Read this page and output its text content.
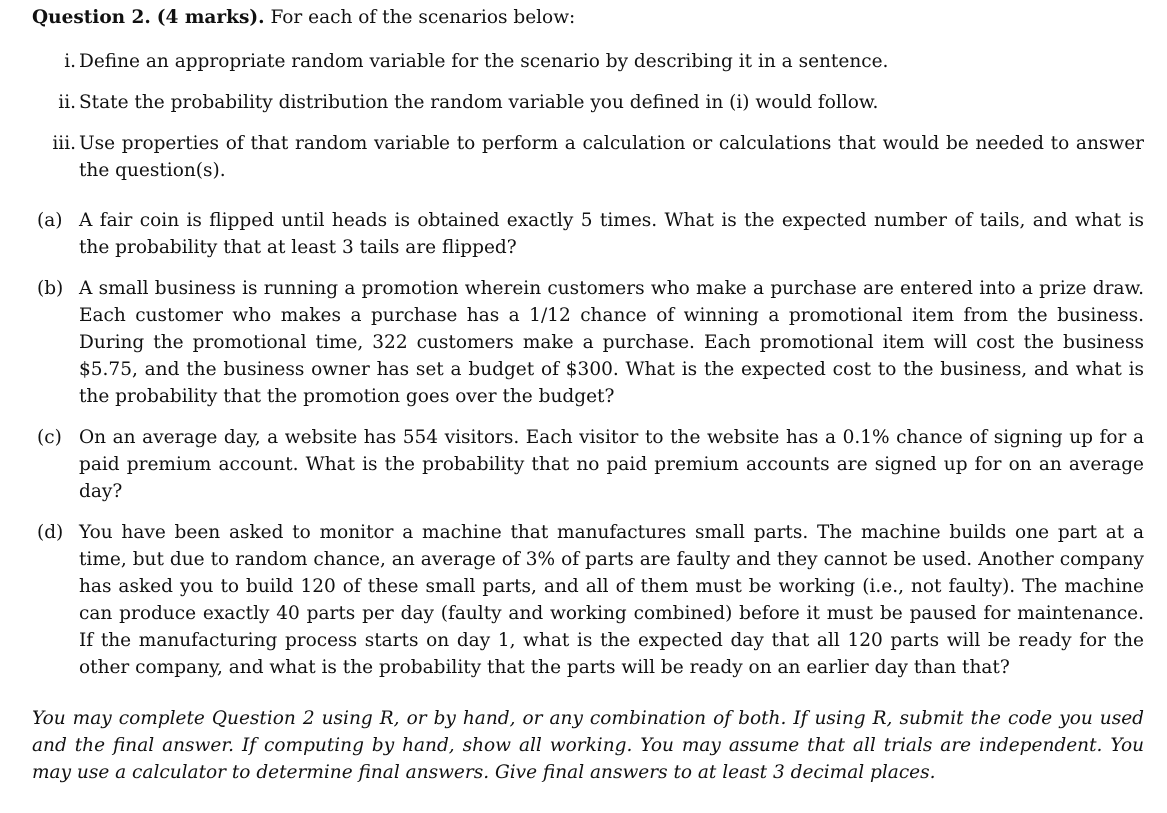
Question 2. (4 marks). For each of the scenarios below:
i. Define an appropriate random variable for the scenario by describing it in a sentence.
ii. State the probability distribution the random variable you defined in (i) would follow.
iii. Use properties of that random variable to perform a calculation or calculations that would be needed to answer the question(s).
(a) A fair coin is flipped until heads is obtained exactly 5 times. What is the expected number of tails, and what is the probability that at least 3 tails are flipped?
(b) A small business is running a promotion wherein customers who make a purchase are entered into a prize draw. Each customer who makes a purchase has a 1/12 chance of winning a promotional item from the business. During the promotional time, 322 customers make a purchase. Each promotional item will cost the business $5.75, and the business owner has set a budget of $300. What is the expected cost to the business, and what is the probability that the promotion goes over the budget?
(c) On an average day, a website has 554 visitors. Each visitor to the website has a 0.1% chance of signing up for a paid premium account. What is the probability that no paid premium accounts are signed up for on an average day?
(d) You have been asked to monitor a machine that manufactures small parts. The machine builds one part at a time, but due to random chance, an average of 3% of parts are faulty and they cannot be used. Another company has asked you to build 120 of these small parts, and all of them must be working (i.e., not faulty). The machine can produce exactly 40 parts per day (faulty and working combined) before it must be paused for maintenance. If the manufacturing process starts on day 1, what is the expected day that all 120 parts will be ready for the other company, and what is the probability that the parts will be ready on an earlier day than that?
You may complete Question 2 using R, or by hand, or any combination of both. If using R, submit the code you used and the final answer. If computing by hand, show all working. You may assume that all trials are independent. You may use a calculator to determine final answers. Give final answers to at least 3 decimal places.
